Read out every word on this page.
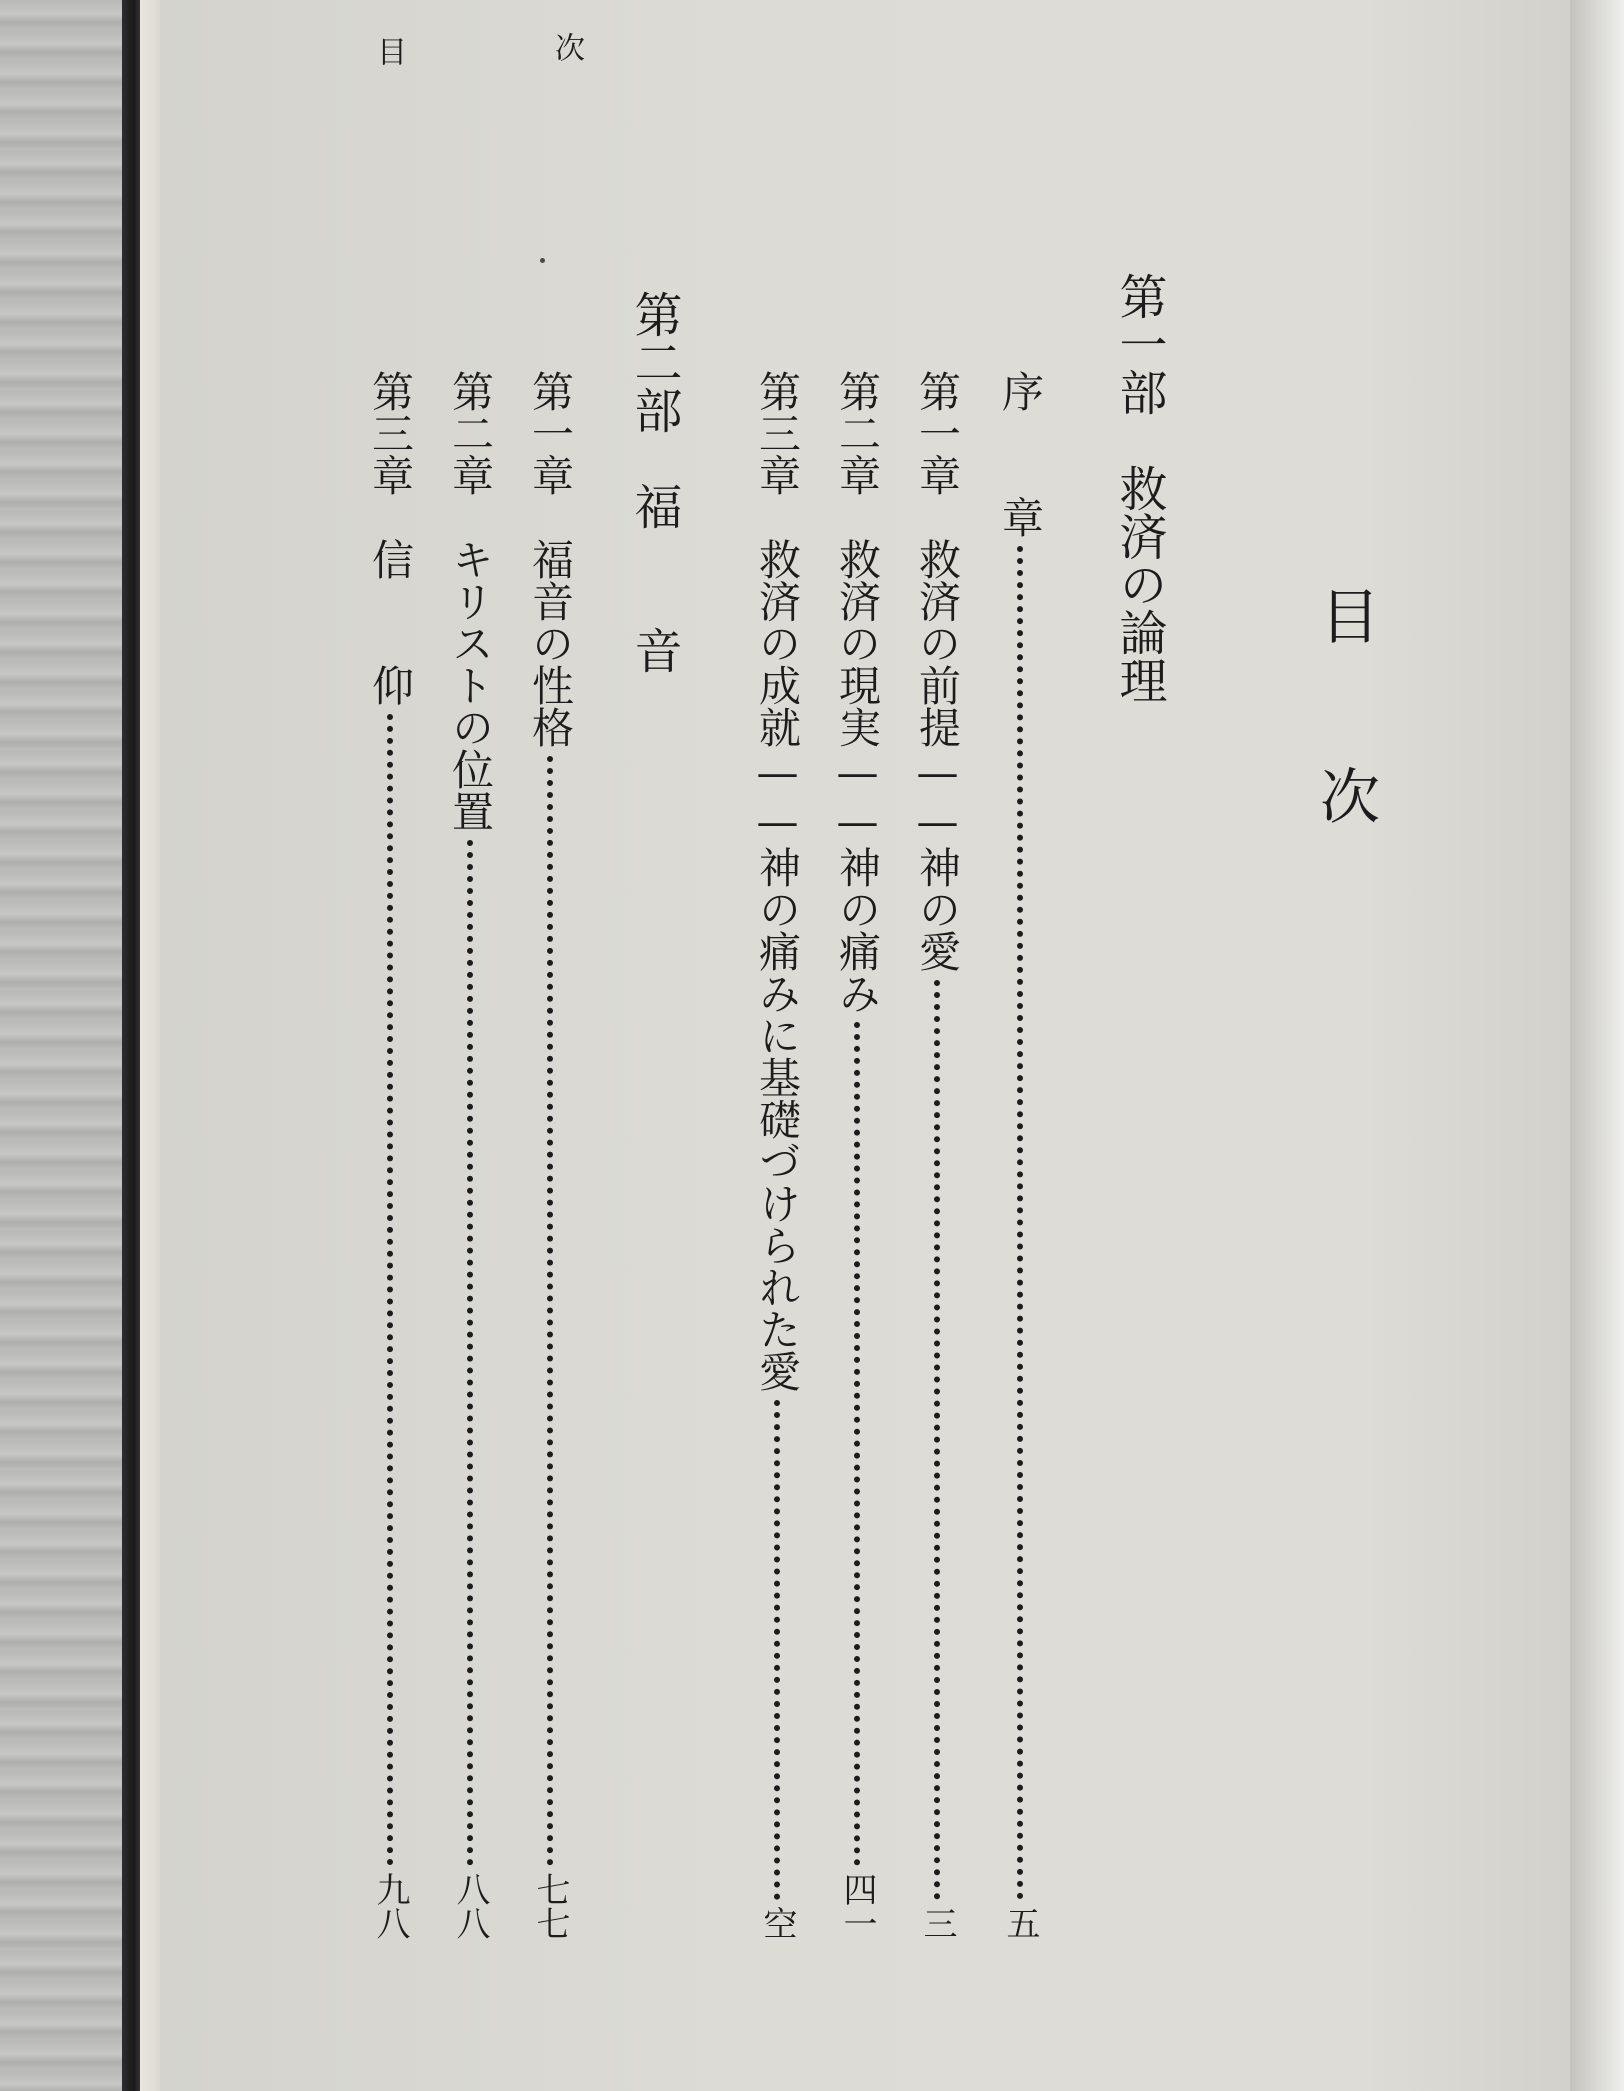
目	次
目次
第一部　救済の論理
序　　章
五
第一章　救済の前提——神の愛
三
第二章　救済の現実——神の痛み
四一
第三章　救済の成就——神の痛みに基礎づけられた愛
空
第二部　福　　音
第一章　福音の性格
七七
第二章　キリストの位置
八八
第三章　信　　仰
九八
